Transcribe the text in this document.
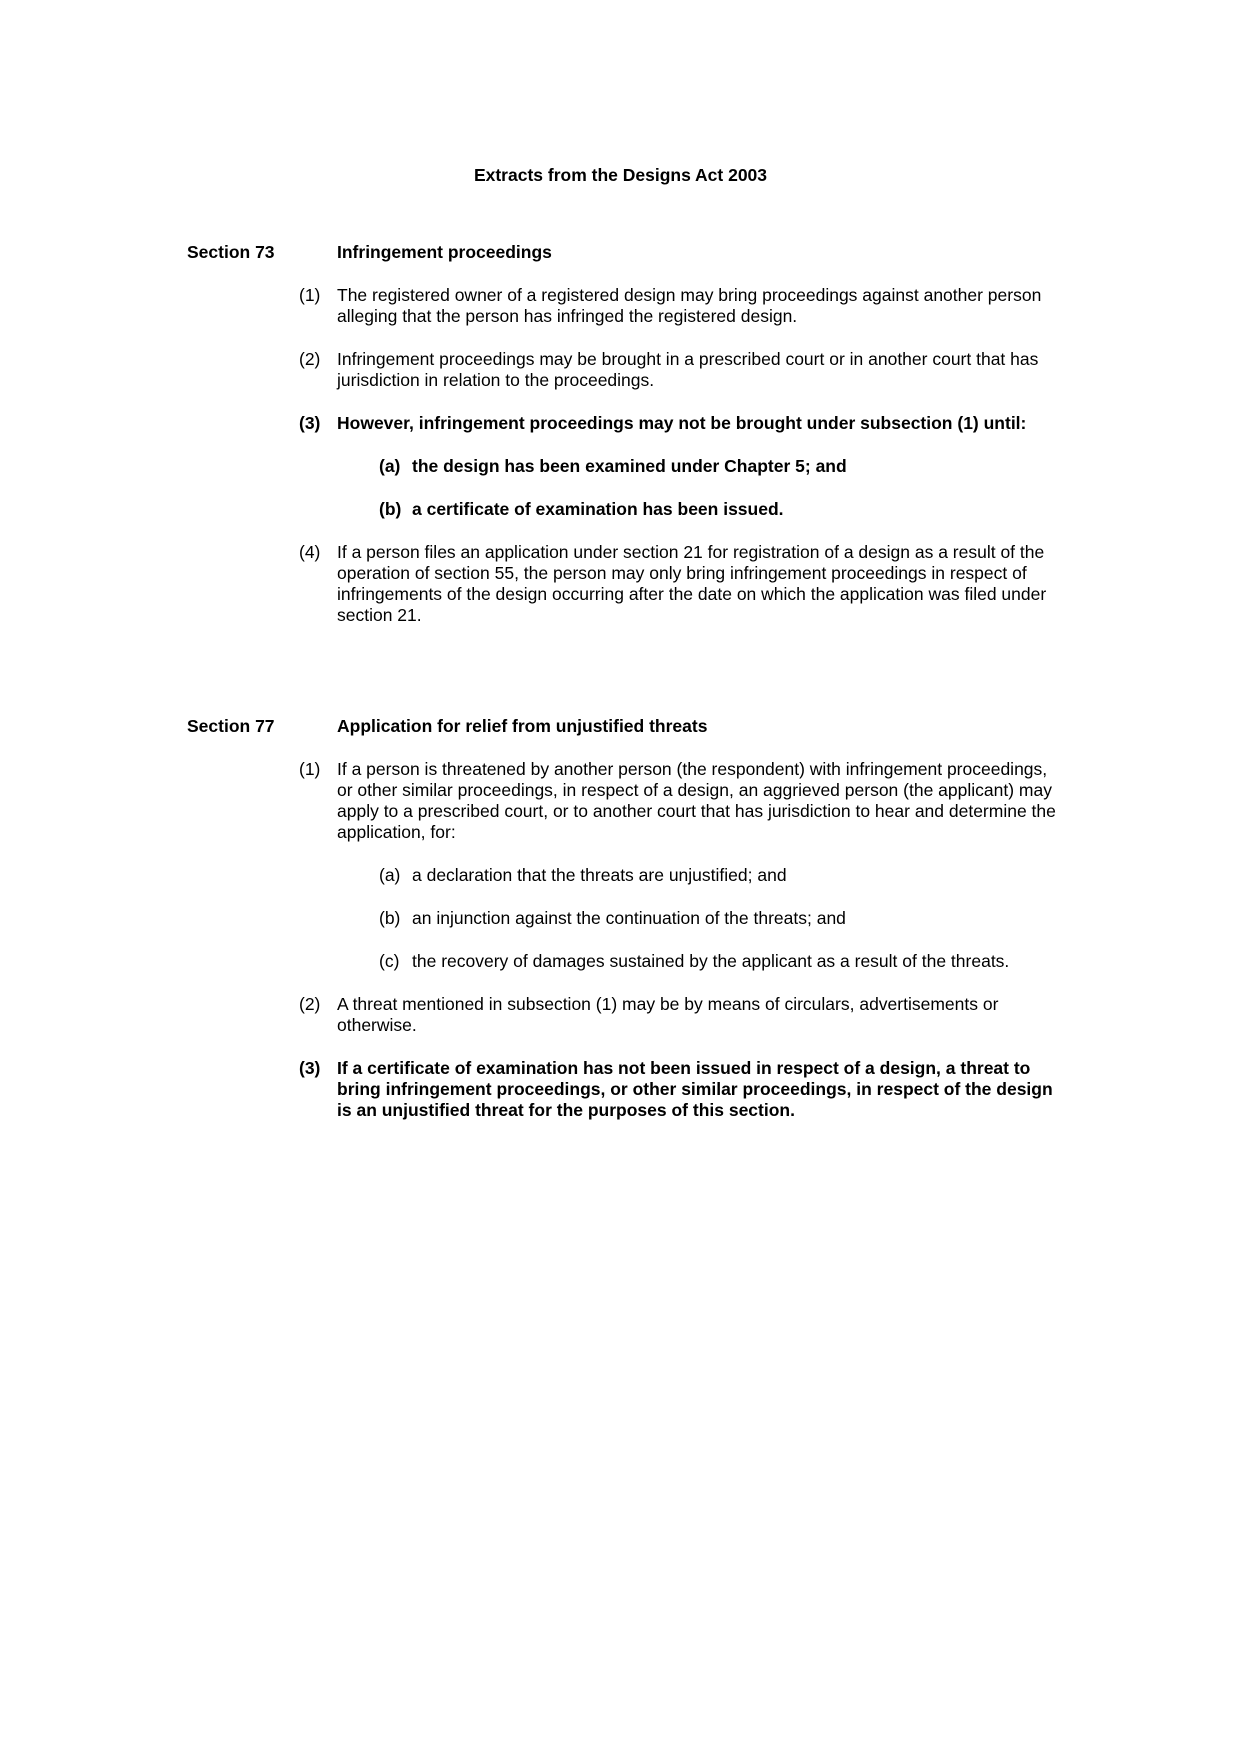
Extracts from the Designs Act 2003
Section 73	Infringement proceedings
(1) The registered owner of a registered design may bring proceedings against another person alleging that the person has infringed the registered design.
(2) Infringement proceedings may be brought in a prescribed court or in another court that has jurisdiction in relation to the proceedings.
(3) However, infringement proceedings may not be brought under subsection (1) until:
(a) the design has been examined under Chapter 5; and
(b) a certificate of examination has been issued.
(4) If a person files an application under section 21 for registration of a design as a result of the operation of section 55, the person may only bring infringement proceedings in respect of infringements of the design occurring after the date on which the application was filed under section 21.
Section 77	Application for relief from unjustified threats
(1) If a person is threatened by another person (the respondent) with infringement proceedings, or other similar proceedings, in respect of a design, an aggrieved person (the applicant) may apply to a prescribed court, or to another court that has jurisdiction to hear and determine the application, for:
(a) a declaration that the threats are unjustified; and
(b) an injunction against the continuation of the threats; and
(c) the recovery of damages sustained by the applicant as a result of the threats.
(2) A threat mentioned in subsection (1) may be by means of circulars, advertisements or otherwise.
(3) If a certificate of examination has not been issued in respect of a design, a threat to bring infringement proceedings, or other similar proceedings, in respect of the design is an unjustified threat for the purposes of this section.
